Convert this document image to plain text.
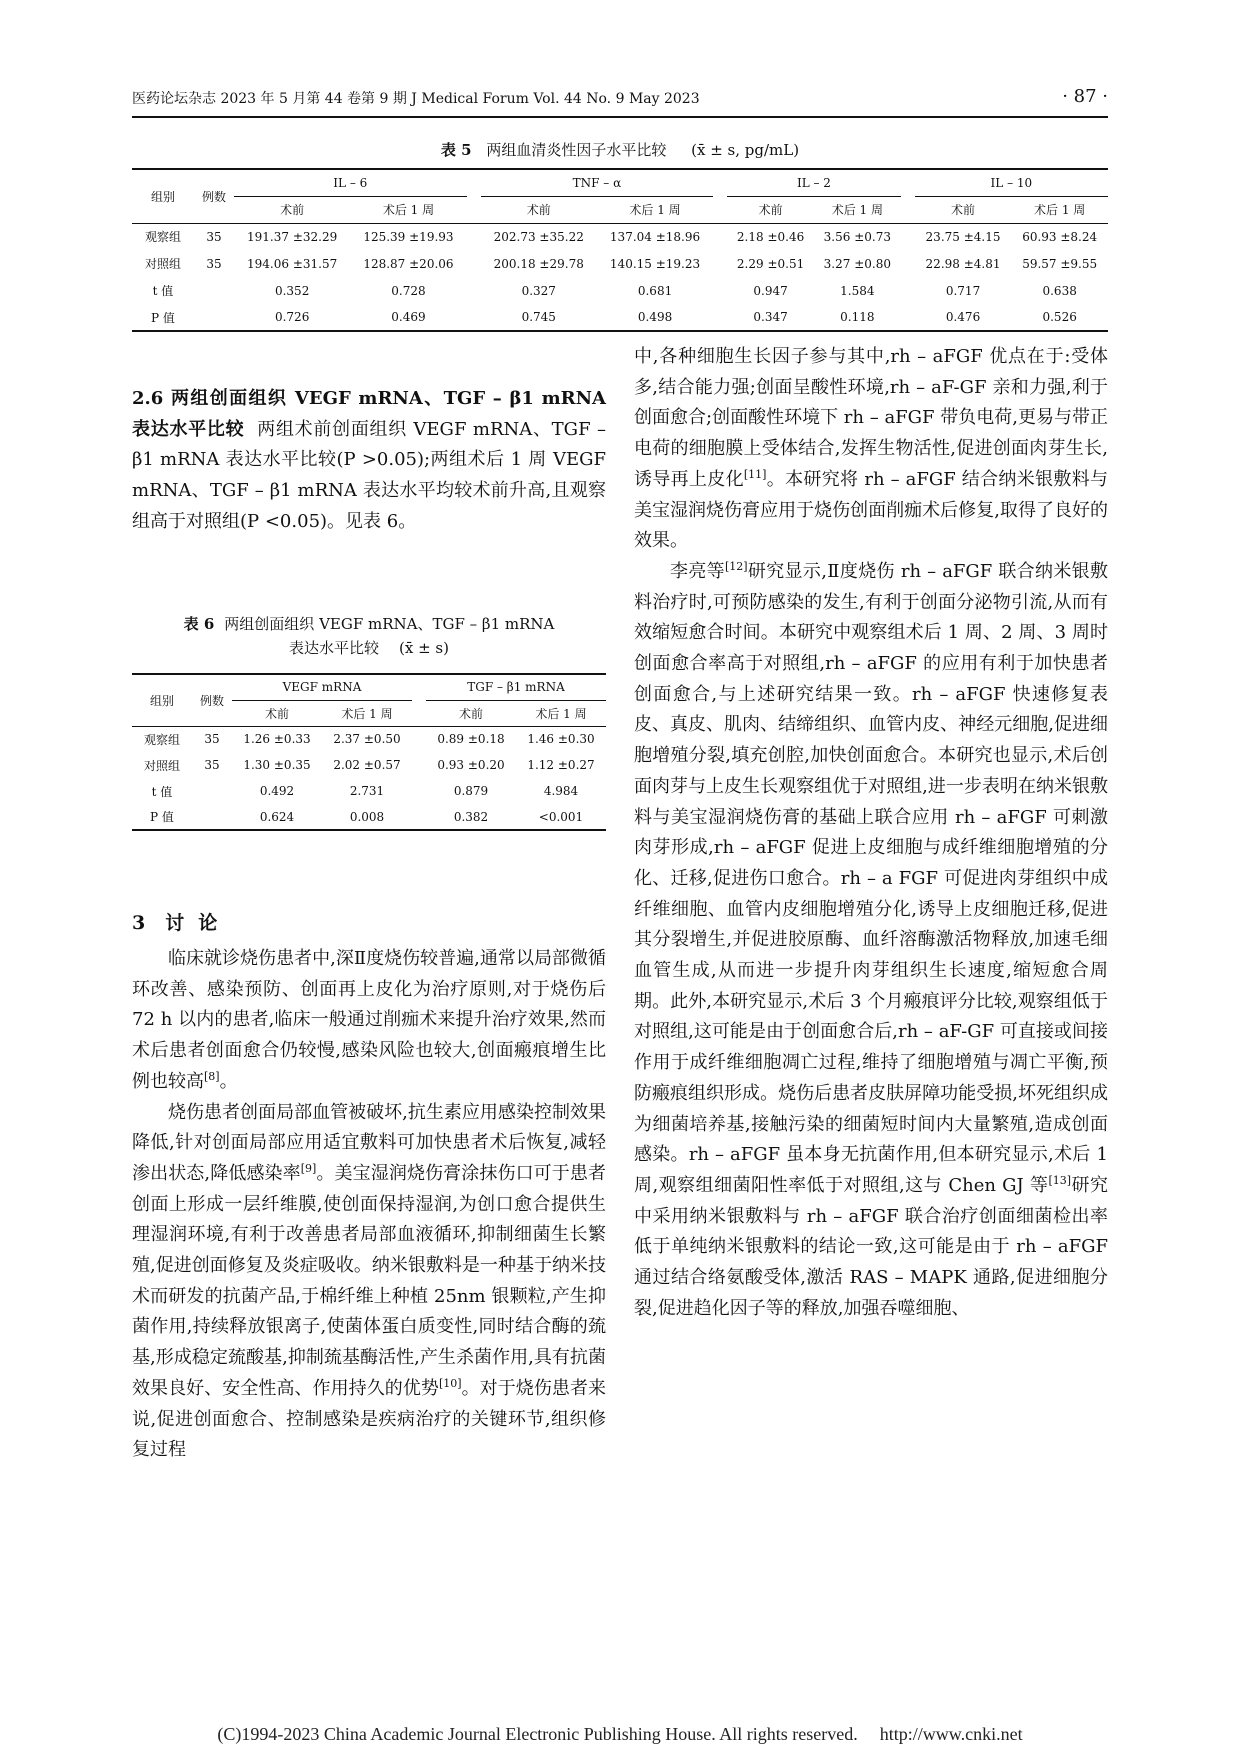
医药论坛杂志 2023 年 5 月第 44 卷第 9 期 J Medical Forum Vol. 44 No. 9 May 2023	· 87 ·
表 5 两组血清炎性因子水平比较 (x̄ ± s, pg/mL)
组别	例数	IL – 6			TNF – α			IL – 2			IL – 10	
		术前	术后 1 周		术前	术后 1 周		术前	术后 1 周		术前	术后 1 周
观察组	35	191.37 ±32.29	125.39 ±19.93		202.73 ±35.22	137.04 ±18.96		2.18 ±0.46	3.56 ±0.73		23.75 ±4.15	60.93 ±8.24
对照组	35	194.06 ±31.57	128.87 ±20.06		200.18 ±29.78	140.15 ±19.23		2.29 ±0.51	3.27 ±0.80		22.98 ±4.81	59.57 ±9.55
t 值		0.352	0.728		0.327	0.681		0.947	1.584		0.717	0.638
P 值		0.726	0.469		0.745	0.498		0.347	0.118		0.476	0.526

2.6 两组创面组织 VEGF mRNA、TGF – β1 mRNA 表达水平比较 两组术前创面组织 VEGF mRNA、TGF – β1 mRNA 表达水平比较(P >0.05);两组术后 1 周 VEGF mRNA、TGF – β1 mRNA 表达水平均较术前升高,且观察组高于对照组(P <0.05)。见表 6。

表 6 两组创面组织 VEGF mRNA、TGF – β1 mRNA
表达水平比较 (x̄ ± s)
组别	例数	VEGF mRNA			TGF – β1 mRNA	
		术前	术后 1 周		术前	术后 1 周
观察组	35	1.26 ±0.33	2.37 ±0.50		0.89 ±0.18	1.46 ±0.30
对照组	35	1.30 ±0.35	2.02 ±0.57		0.93 ±0.20	1.12 ±0.27
t 值		0.492	2.731		0.879	4.984
P 值		0.624	0.008		0.382	<0.001
3 讨论

临床就诊烧伤患者中,深Ⅱ度烧伤较普遍,通常以局部微循环改善、感染预防、创面再上皮化为治疗原则,对于烧伤后 72 h 以内的患者,临床一般通过削痂术来提升治疗效果,然而术后患者创面愈合仍较慢,感染风险也较大,创面瘢痕增生比例也较高[8]。

烧伤患者创面局部血管被破坏,抗生素应用感染控制效果降低,针对创面局部应用适宜敷料可加快患者术后恢复,减轻渗出状态,降低感染率[9]。美宝湿润烧伤膏涂抹伤口可于患者创面上形成一层纤维膜,使创面保持湿润,为创口愈合提供生理湿润环境,有利于改善患者局部血液循环,抑制细菌生长繁殖,促进创面修复及炎症吸收。纳米银敷料是一种基于纳米技术而研发的抗菌产品,于棉纤维上种植 25nm 银颗粒,产生抑菌作用,持续释放银离子,使菌体蛋白质变性,同时结合酶的巯基,形成稳定巯酸基,抑制巯基酶活性,产生杀菌作用,具有抗菌效果良好、安全性高、作用持久的优势[10]。对于烧伤患者来说,促进创面愈合、控制感染是疾病治疗的关键环节,组织修复过程

中,各种细胞生长因子参与其中,rh – aFGF 优点在于:受体多,结合能力强;创面呈酸性环境,rh – aF-GF 亲和力强,利于创面愈合;创面酸性环境下 rh – aFGF 带负电荷,更易与带正电荷的细胞膜上受体结合,发挥生物活性,促进创面肉芽生长,诱导再上皮化[11]。本研究将 rh – aFGF 结合纳米银敷料与美宝湿润烧伤膏应用于烧伤创面削痂术后修复,取得了良好的效果。

李亮等[12]研究显示,Ⅱ度烧伤 rh – aFGF 联合纳米银敷料治疗时,可预防感染的发生,有利于创面分泌物引流,从而有效缩短愈合时间。本研究中观察组术后 1 周、2 周、3 周时创面愈合率高于对照组,rh – aFGF 的应用有利于加快患者创面愈合,与上述研究结果一致。rh – aFGF 快速修复表皮、真皮、肌肉、结缔组织、血管内皮、神经元细胞,促进细胞增殖分裂,填充创腔,加快创面愈合。本研究也显示,术后创面肉芽与上皮生长观察组优于对照组,进一步表明在纳米银敷料与美宝湿润烧伤膏的基础上联合应用 rh – aFGF 可刺激肉芽形成,rh – aFGF 促进上皮细胞与成纤维细胞增殖的分化、迁移,促进伤口愈合。rh – a FGF 可促进肉芽组织中成纤维细胞、血管内皮细胞增殖分化,诱导上皮细胞迁移,促进其分裂增生,并促进胶原酶、血纤溶酶激活物释放,加速毛细血管生成,从而进一步提升肉芽组织生长速度,缩短愈合周期。此外,本研究显示,术后 3 个月瘢痕评分比较,观察组低于对照组,这可能是由于创面愈合后,rh – aF-GF 可直接或间接作用于成纤维细胞凋亡过程,维持了细胞增殖与凋亡平衡,预防瘢痕组织形成。烧伤后患者皮肤屏障功能受损,坏死组织成为细菌培养基,接触污染的细菌短时间内大量繁殖,造成创面感染。rh – aFGF 虽本身无抗菌作用,但本研究显示,术后 1 周,观察组细菌阳性率低于对照组,这与 Chen GJ 等[13]研究中采用纳米银敷料与 rh – aFGF 联合治疗创面细菌检出率低于单纯纳米银敷料的结论一致,这可能是由于 rh – aFGF 通过结合络氨酸受体,激活 RAS – MAPK 通路,促进细胞分裂,促进趋化因子等的释放,加强吞噬细胞、

(C)1994-2023 China Academic Journal Electronic Publishing House. All rights reserved. http://www.cnki.net
